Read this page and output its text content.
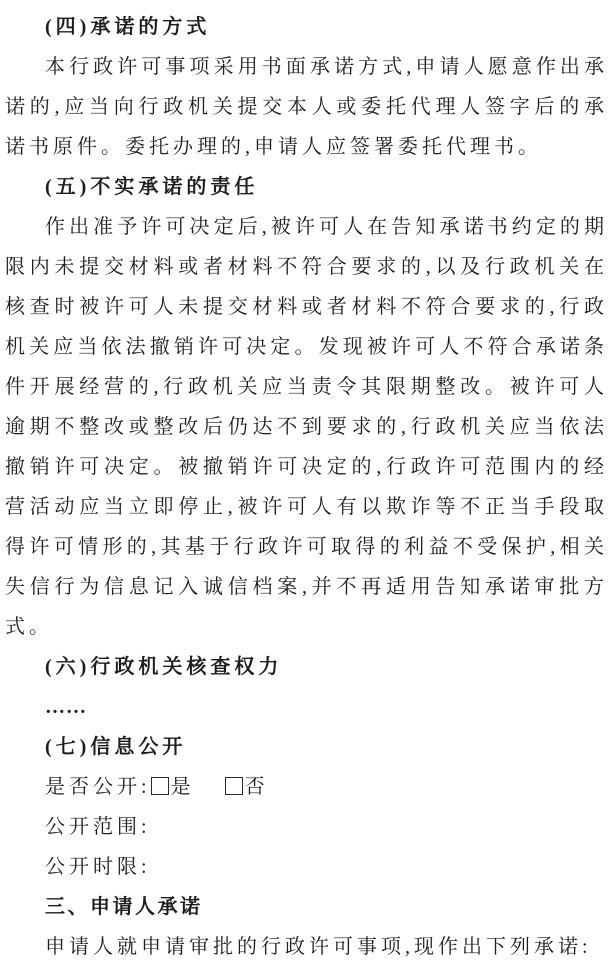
(四)承诺的方式

本行政许可事项采用书面承诺方式,申请人愿意作出承诺的,应当向行政机关提交本人或委托代理人签字后的承诺书原件。委托办理的,申请人应签署委托代理书。

(五)不实承诺的责任

作出准予许可决定后,被许可人在告知承诺书约定的期限内未提交材料或者材料不符合要求的,以及行政机关在核查时被许可人未提交材料或者材料不符合要求的,行政机关应当依法撤销许可决定。发现被许可人不符合承诺条件开展经营的,行政机关应当责令其限期整改。被许可人逾期不整改或整改后仍达不到要求的,行政机关应当依法撤销许可决定。被撤销许可决定的,行政许可范围内的经营活动应当立即停止,被许可人有以欺诈等不正当手段取得许可情形的,其基于行政许可取得的利益不受保护,相关失信行为信息记入诚信档案,并不再适用告知承诺审批方式。

(六)行政机关核查权力

……

(七)信息公开

是否公开: 是	否

公开范围:

公开时限:

三、申请人承诺

申请人就申请审批的行政许可事项,现作出下列承诺:
